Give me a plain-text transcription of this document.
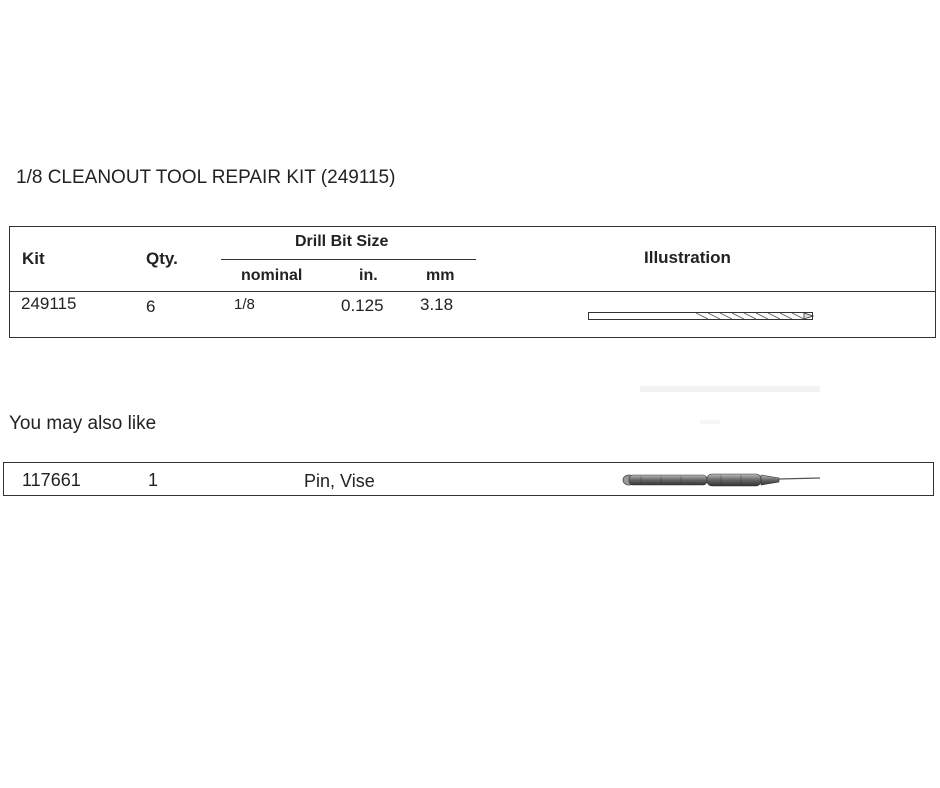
1/8 CLEANOUT TOOL REPAIR KIT (249115)
Kit	Qty.
Drill Bit Size
nominal	in.	mm
Illustration
249115	6	1/8	0.125 3.18
You may also like
117661	1	Pin, Vise
